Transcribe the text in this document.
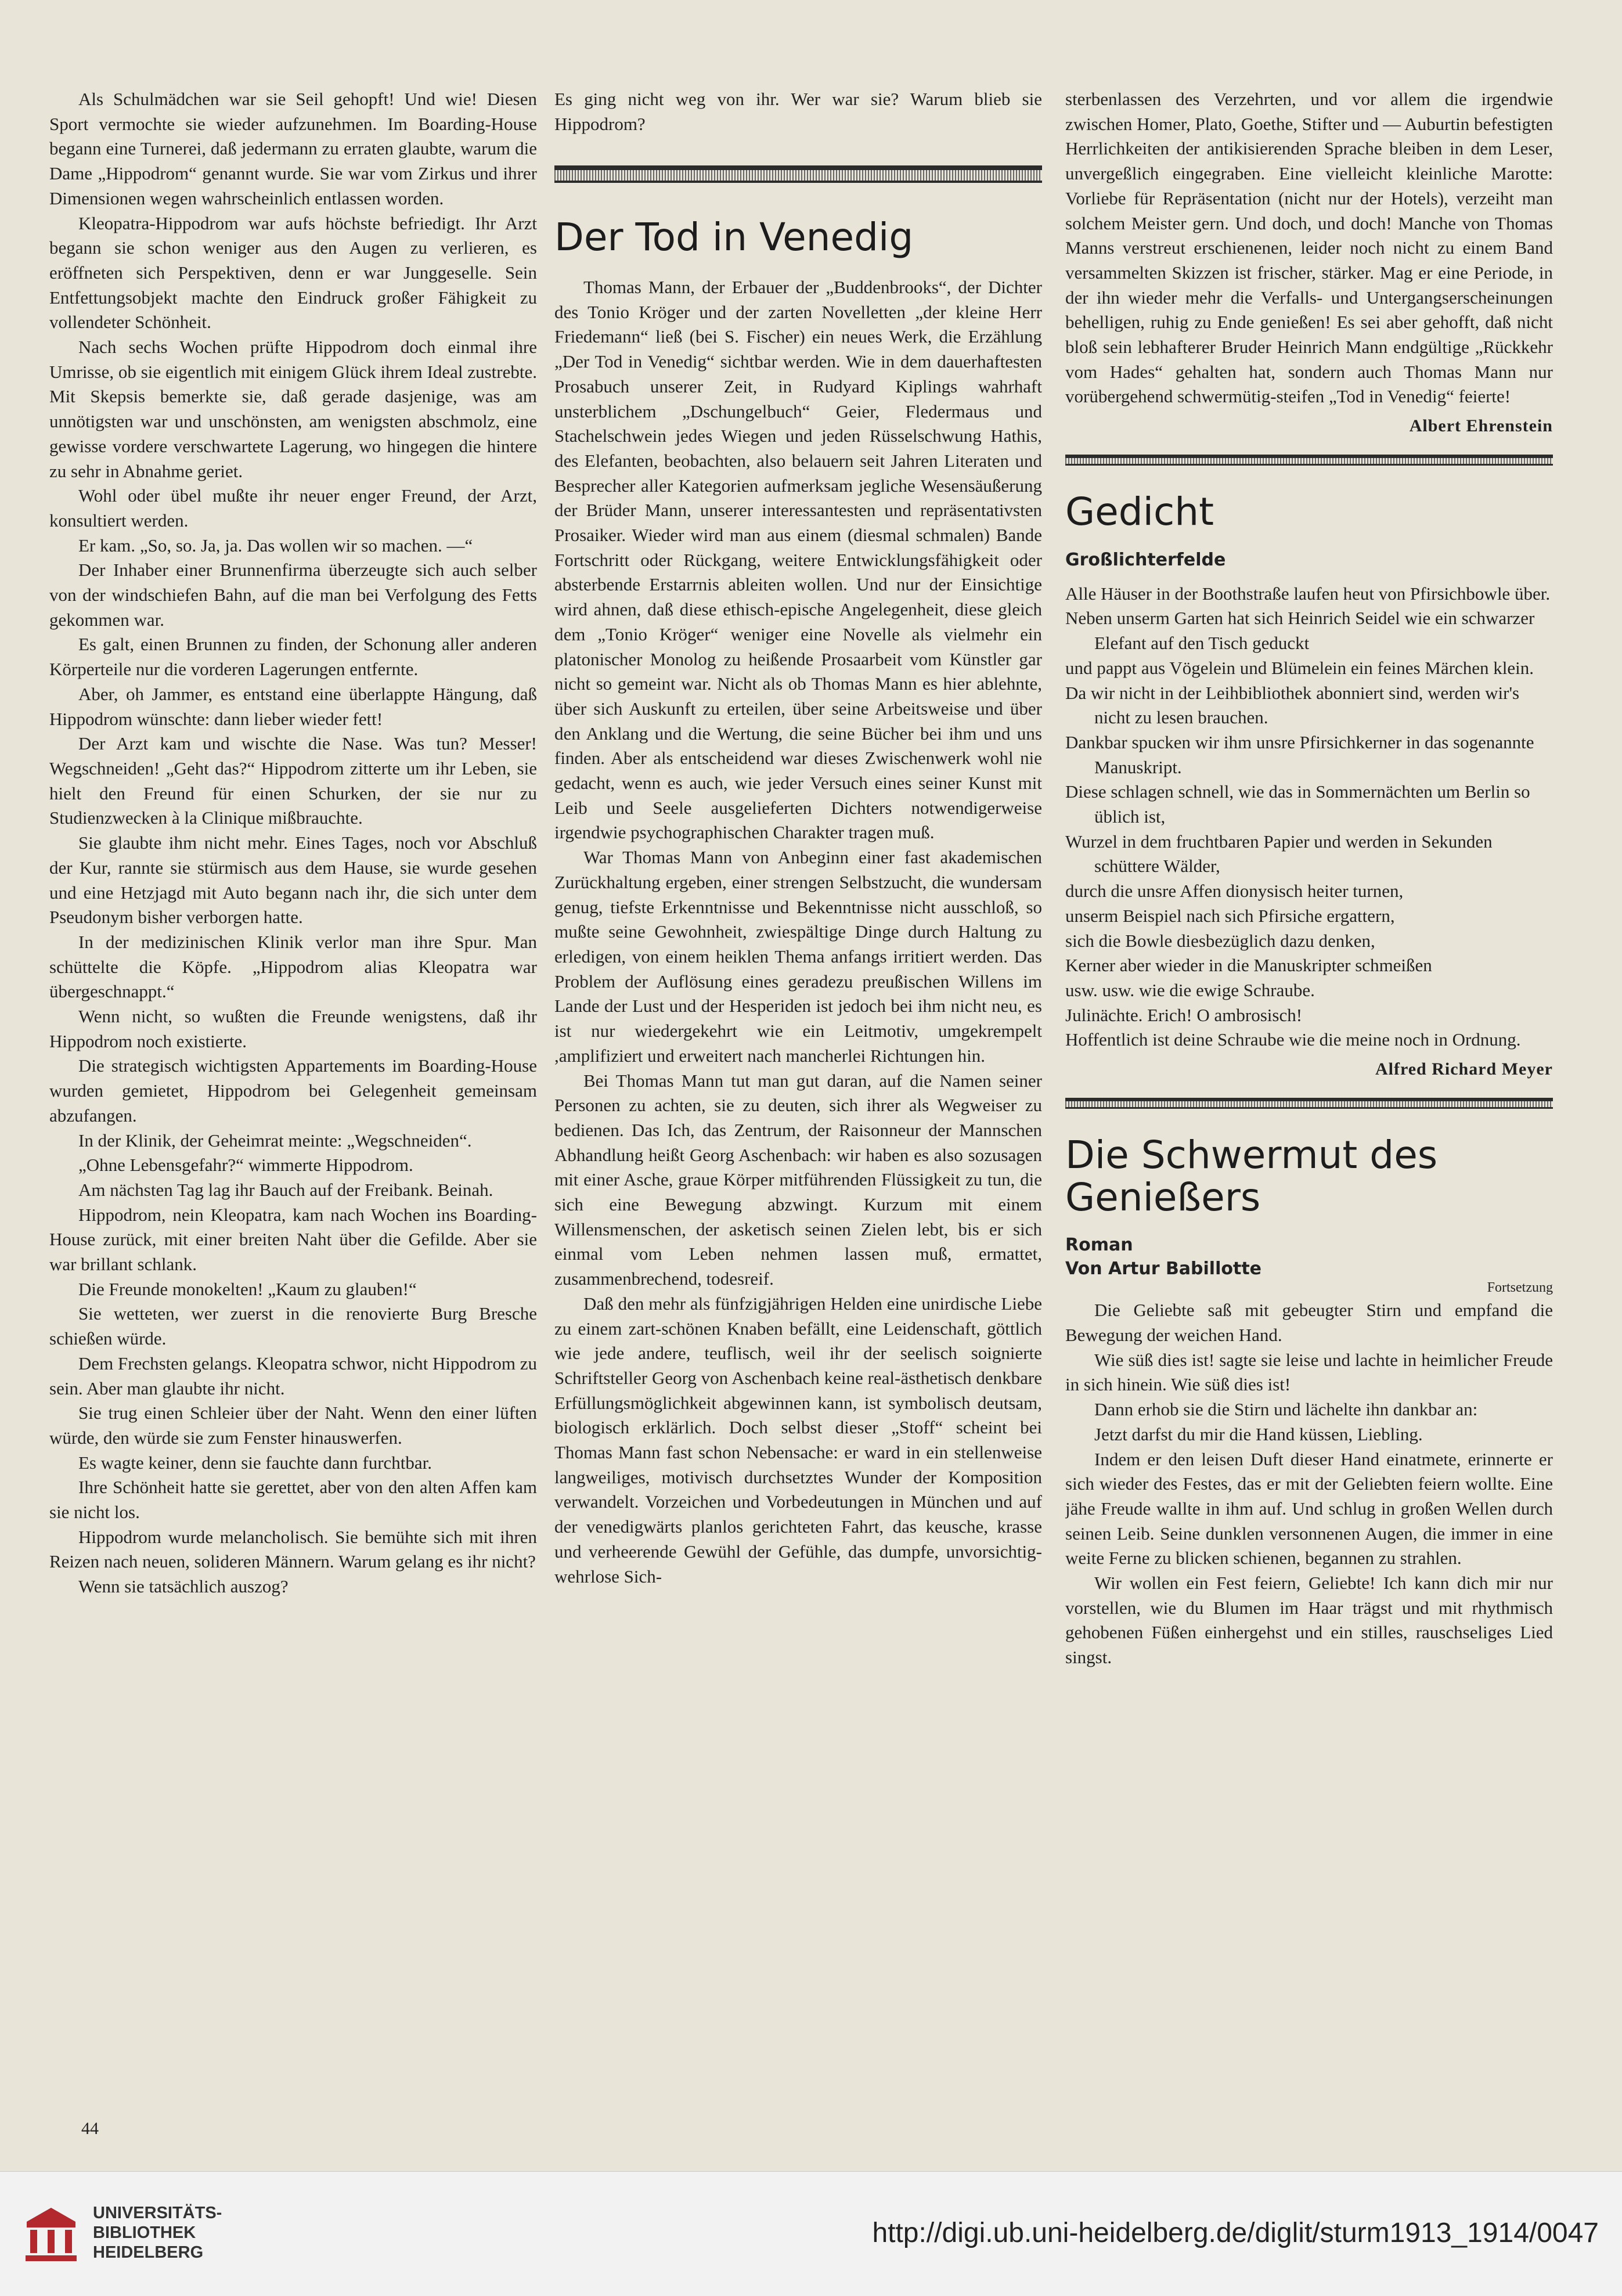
Als Schulmädchen war sie Seil gehopft! Und wie! Diesen Sport vermochte sie wieder aufzunehmen. Im Boarding-House begann eine Turnerei, daß jedermann zu erraten glaubte, warum die Dame „Hippodrom“ genannt wurde. Sie war vom Zirkus und ihrer Dimensionen wegen wahrscheinlich entlassen worden.

Kleopatra-Hippodrom war aufs höchste befriedigt. Ihr Arzt begann sie schon weniger aus den Augen zu verlieren, es eröffneten sich Perspektiven, denn er war Junggeselle. Sein Entfettungsobjekt machte den Eindruck großer Fähigkeit zu vollendeter Schönheit.

Nach sechs Wochen prüfte Hippodrom doch einmal ihre Umrisse, ob sie eigentlich mit einigem Glück ihrem Ideal zustrebte. Mit Skepsis bemerkte sie, daß gerade dasjenige, was am unnötigsten war und unschönsten, am wenigsten abschmolz, eine gewisse vordere verschwartete Lagerung, wo hingegen die hintere zu sehr in Abnahme geriet.

Wohl oder übel mußte ihr neuer enger Freund, der Arzt, konsultiert werden.

Er kam. „So, so. Ja, ja. Das wollen wir so machen. —“

Der Inhaber einer Brunnenfirma überzeugte sich auch selber von der windschiefen Bahn, auf die man bei Verfolgung des Fetts gekommen war.

Es galt, einen Brunnen zu finden, der Schonung aller anderen Körperteile nur die vorderen Lagerungen entfernte.

Aber, oh Jammer, es entstand eine überlappte Hängung, daß Hippodrom wünschte: dann lieber wieder fett!

Der Arzt kam und wischte die Nase. Was tun? Messer! Wegschneiden! „Geht das?“ Hippodrom zitterte um ihr Leben, sie hielt den Freund für einen Schurken, der sie nur zu Studienzwecken à la Clinique mißbrauchte.

Sie glaubte ihm nicht mehr. Eines Tages, noch vor Abschluß der Kur, rannte sie stürmisch aus dem Hause, sie wurde gesehen und eine Hetzjagd mit Auto begann nach ihr, die sich unter dem Pseudonym bisher verborgen hatte.

In der medizinischen Klinik verlor man ihre Spur. Man schüttelte die Köpfe. „Hippodrom alias Kleopatra war übergeschnappt.“

Wenn nicht, so wußten die Freunde wenigstens, daß ihr Hippodrom noch existierte.

Die strategisch wichtigsten Appartements im Boarding-House wurden gemietet, Hippodrom bei Gelegenheit gemeinsam abzufangen.

In der Klinik, der Geheimrat meinte: „Wegschneiden“.

„Ohne Lebensgefahr?“ wimmerte Hippodrom.

Am nächsten Tag lag ihr Bauch auf der Freibank. Beinah.

Hippodrom, nein Kleopatra, kam nach Wochen ins Boarding-House zurück, mit einer breiten Naht über die Gefilde. Aber sie war brillant schlank.

Die Freunde monokelten! „Kaum zu glauben!“

Sie wetteten, wer zuerst in die renovierte Burg Bresche schießen würde.

Dem Frechsten gelangs. Kleopatra schwor, nicht Hippodrom zu sein. Aber man glaubte ihr nicht.

Sie trug einen Schleier über der Naht. Wenn den einer lüften würde, den würde sie zum Fenster hinauswerfen.

Es wagte keiner, denn sie fauchte dann furchtbar.

Ihre Schönheit hatte sie gerettet, aber von den alten Affen kam sie nicht los.

Hippodrom wurde melancholisch. Sie bemühte sich mit ihren Reizen nach neuen, solideren Männern. Warum gelang es ihr nicht?

Wenn sie tatsächlich auszog?

Es ging nicht weg von ihr. Wer war sie? Warum blieb sie Hippodrom?

Der Tod in Venedig

Thomas Mann, der Erbauer der „Buddenbrooks“, der Dichter des Tonio Kröger und der zarten Novelletten „der kleine Herr Friedemann“ ließ (bei S. Fischer) ein neues Werk, die Erzählung „Der Tod in Venedig“ sichtbar werden. Wie in dem dauerhaftesten Prosabuch unserer Zeit, in Rudyard Kiplings wahrhaft unsterblichem „Dschungelbuch“ Geier, Fledermaus und Stachelschwein jedes Wiegen und jeden Rüsselschwung Hathis, des Elefanten, beobachten, also belauern seit Jahren Literaten und Besprecher aller Kategorien aufmerksam jegliche Wesensäußerung der Brüder Mann, unserer interessantesten und repräsentativsten Prosaiker. Wieder wird man aus einem (diesmal schmalen) Bande Fortschritt oder Rückgang, weitere Entwicklungsfähigkeit oder absterbende Erstarrnis ableiten wollen. Und nur der Einsichtige wird ahnen, daß diese ethisch-epische Angelegenheit, diese gleich dem „Tonio Kröger“ weniger eine Novelle als vielmehr ein platonischer Monolog zu heißende Prosaarbeit vom Künstler gar nicht so gemeint war. Nicht als ob Thomas Mann es hier ablehnte, über sich Auskunft zu erteilen, über seine Arbeitsweise und über den Anklang und die Wertung, die seine Bücher bei ihm und uns finden. Aber als entscheidend war dieses Zwischenwerk wohl nie gedacht, wenn es auch, wie jeder Versuch eines seiner Kunst mit Leib und Seele ausgelieferten Dichters notwendigerweise irgendwie psychographischen Charakter tragen muß.

War Thomas Mann von Anbeginn einer fast akademischen Zurückhaltung ergeben, einer strengen Selbstzucht, die wundersam genug, tiefste Erkenntnisse und Bekenntnisse nicht ausschloß, so mußte seine Gewohnheit, zwiespältige Dinge durch Haltung zu erledigen, von einem heiklen Thema anfangs irritiert werden. Das Problem der Auflösung eines geradezu preußischen Willens im Lande der Lust und der Hesperiden ist jedoch bei ihm nicht neu, es ist nur wiedergekehrt wie ein Leitmotiv, umgekrempelt ,amplifiziert und erweitert nach mancherlei Richtungen hin.

Bei Thomas Mann tut man gut daran, auf die Namen seiner Personen zu achten, sie zu deuten, sich ihrer als Wegweiser zu bedienen. Das Ich, das Zentrum, der Raisonneur der Mannschen Abhandlung heißt Georg Aschenbach: wir haben es also sozusagen mit einer Asche, graue Körper mitführenden Flüssigkeit zu tun, die sich eine Bewegung abzwingt. Kurzum mit einem Willensmenschen, der asketisch seinen Zielen lebt, bis er sich einmal vom Leben nehmen lassen muß, ermattet, zusammenbrechend, todesreif.

Daß den mehr als fünfzigjährigen Helden eine unirdische Liebe zu einem zart-schönen Knaben befällt, eine Leidenschaft, göttlich wie jede andere, teuflisch, weil ihr der seelisch soignierte Schriftsteller Georg von Aschenbach keine real-ästhetisch denkbare Erfüllungsmöglichkeit abgewinnen kann, ist symbolisch deutsam, biologisch erklärlich. Doch selbst dieser „Stoff“ scheint bei Thomas Mann fast schon Nebensache: er ward in ein stellenweise langweiliges, motivisch durchsetztes Wunder der Komposition verwandelt. Vorzeichen und Vorbedeutungen in München und auf der venedigwärts planlos gerichteten Fahrt, das keusche, krasse und verheerende Gewühl der Gefühle, das dumpfe, unvorsichtig-wehrlose Sich-

sterbenlassen des Verzehrten, und vor allem die irgendwie zwischen Homer, Plato, Goethe, Stifter und — Auburtin befestigten Herrlichkeiten der antikisierenden Sprache bleiben in dem Leser, unvergeßlich eingegraben. Eine vielleicht kleinliche Marotte: Vorliebe für Repräsentation (nicht nur der Hotels), verzeiht man solchem Meister gern. Und doch, und doch! Manche von Thomas Manns verstreut erschienenen, leider noch nicht zu einem Band versammelten Skizzen ist frischer, stärker. Mag er eine Periode, in der ihn wieder mehr die Verfalls- und Untergangserscheinungen behelligen, ruhig zu Ende genießen! Es sei aber gehofft, daß nicht bloß sein lebhafterer Bruder Heinrich Mann endgültige „Rückkehr vom Hades“ gehalten hat, sondern auch Thomas Mann nur vorübergehend schwermütig-steifen „Tod in Venedig“ feierte!

Albert Ehrenstein
Gedicht
Großlichterfelde

Alle Häuser in der Boothstraße laufen heut von Pfirsichbowle über.

Neben unserm Garten hat sich Heinrich Seidel wie ein schwarzer Elefant auf den Tisch geduckt

und pappt aus Vögelein und Blümelein ein feines Märchen klein.

Da wir nicht in der Leihbibliothek abonniert sind, werden wir's nicht zu lesen brauchen.

Dankbar spucken wir ihm unsre Pfirsichkerner in das sogenannte Manuskript.

Diese schlagen schnell, wie das in Sommernächten um Berlin so üblich ist,

Wurzel in dem fruchtbaren Papier und werden in Sekunden schüttere Wälder,

durch die unsre Affen dionysisch heiter turnen,

unserm Beispiel nach sich Pfirsiche ergattern,

sich die Bowle diesbezüglich dazu denken,

Kerner aber wieder in die Manuskripter schmeißen

usw. usw. wie die ewige Schraube.

Julinächte. Erich! O ambrosisch!

Hoffentlich ist deine Schraube wie die meine noch in Ordnung.

Alfred Richard Meyer
Die Schwermut des Genießers
Roman
Von Artur Babillotte
Fortsetzung

Die Geliebte saß mit gebeugter Stirn und empfand die Bewegung der weichen Hand.

Wie süß dies ist! sagte sie leise und lachte in heimlicher Freude in sich hinein. Wie süß dies ist!

Dann erhob sie die Stirn und lächelte ihn dankbar an:

Jetzt darfst du mir die Hand küssen, Liebling.

Indem er den leisen Duft dieser Hand einatmete, erinnerte er sich wieder des Festes, das er mit der Geliebten feiern wollte. Eine jähe Freude wallte in ihm auf. Und schlug in großen Wellen durch seinen Leib. Seine dunklen versonnenen Augen, die immer in eine weite Ferne zu blicken schienen, begannen zu strahlen.

Wir wollen ein Fest feiern, Geliebte! Ich kann dich mir nur vorstellen, wie du Blumen im Haar trägst und mit rhythmisch gehobenen Füßen einhergehst und ein stilles, rauschseliges Lied singst.

44
UNIVERSITÄTS-
BIBLIOTHEK
HEIDELBERG
http://digi.ub.uni-heidelberg.de/diglit/sturm1913_1914/0047
